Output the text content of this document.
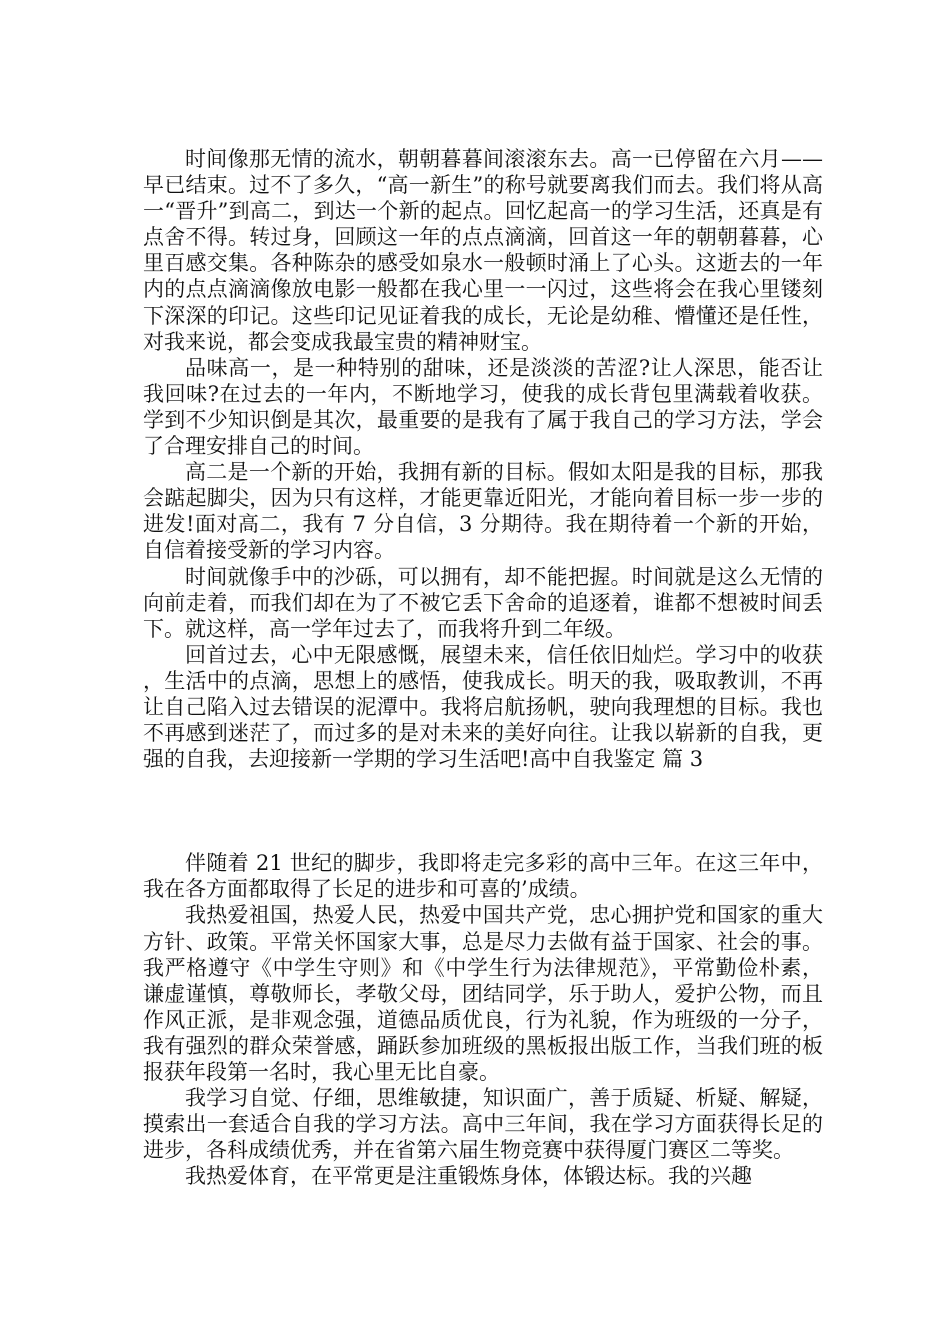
时间像那无情的流水，朝朝暮暮间滚滚东去。高一已停留在六月——早已结束。过不了多久，“高一新生”的称号就要离我们而去。我们将从高一“晋升”到高二，到达一个新的起点。回忆起高一的学习生活，还真是有点舍不得。转过身，回顾这一年的点点滴滴，回首这一年的朝朝暮暮，心里百感交集。各种陈杂的感受如泉水一般顿时涌上了心头。这逝去的一年内的点点滴滴像放电影一般都在我心里一一闪过，这些将会在我心里镂刻下深深的印记。这些印记见证着我的成长，无论是幼稚、懵懂还是任性，对我来说，都会变成我最宝贵的精神财宝。

品味高一，是一种特别的甜味，还是淡淡的苦涩?让人深思，能否让我回味?在过去的一年内，不断地学习，使我的成长背包里满载着收获。学到不少知识倒是其次，最重要的是我有了属于我自己的学习方法，学会了合理安排自己的时间。

高二是一个新的开始，我拥有新的目标。假如太阳是我的目标，那我会踮起脚尖，因为只有这样，才能更靠近阳光，才能向着目标一步一步的进发!面对高二，我有 7 分自信，3 分期待。我在期待着一个新的开始，自信着接受新的学习内容。

时间就像手中的沙砾，可以拥有，却不能把握。时间就是这么无情的向前走着，而我们却在为了不被它丢下舍命的追逐着，谁都不想被时间丢下。就这样，高一学年过去了，而我将升到二年级。

回首过去，心中无限感慨，展望未来，信任依旧灿烂。学习中的收获，生活中的点滴，思想上的感悟，使我成长。明天的我，吸取教训，不再让自己陷入过去错误的泥潭中。我将启航扬帆，驶向我理想的目标。我也不再感到迷茫了，而过多的是对未来的美好向往。让我以崭新的自我，更强的自我，去迎接新一学期的学习生活吧!高中自我鉴定 篇 3

伴随着 21 世纪的脚步，我即将走完多彩的高中三年。在这三年中，我在各方面都取得了长足的进步和可喜的’成绩。

我热爱祖国，热爱人民，热爱中国共产党，忠心拥护党和国家的重大方针、政策。平常关怀国家大事，总是尽力去做有益于国家、社会的事。我严格遵守《中学生守则》和《中学生行为法律规范》，平常勤俭朴素，谦虚谨慎，尊敬师长，孝敬父母，团结同学，乐于助人，爱护公物，而且作风正派，是非观念强，道德品质优良，行为礼貌，作为班级的一分子，我有强烈的群众荣誉感，踊跃参加班级的黑板报出版工作，当我们班的板报获年段第一名时，我心里无比自豪。

我学习自觉、仔细，思维敏捷，知识面广，善于质疑、析疑、解疑，摸索出一套适合自我的学习方法。高中三年间，我在学习方面获得长足的进步，各科成绩优秀，并在省第六届生物竞赛中获得厦门赛区二等奖。

我热爱体育，在平常更是注重锻炼身体，体锻达标。我的兴趣
